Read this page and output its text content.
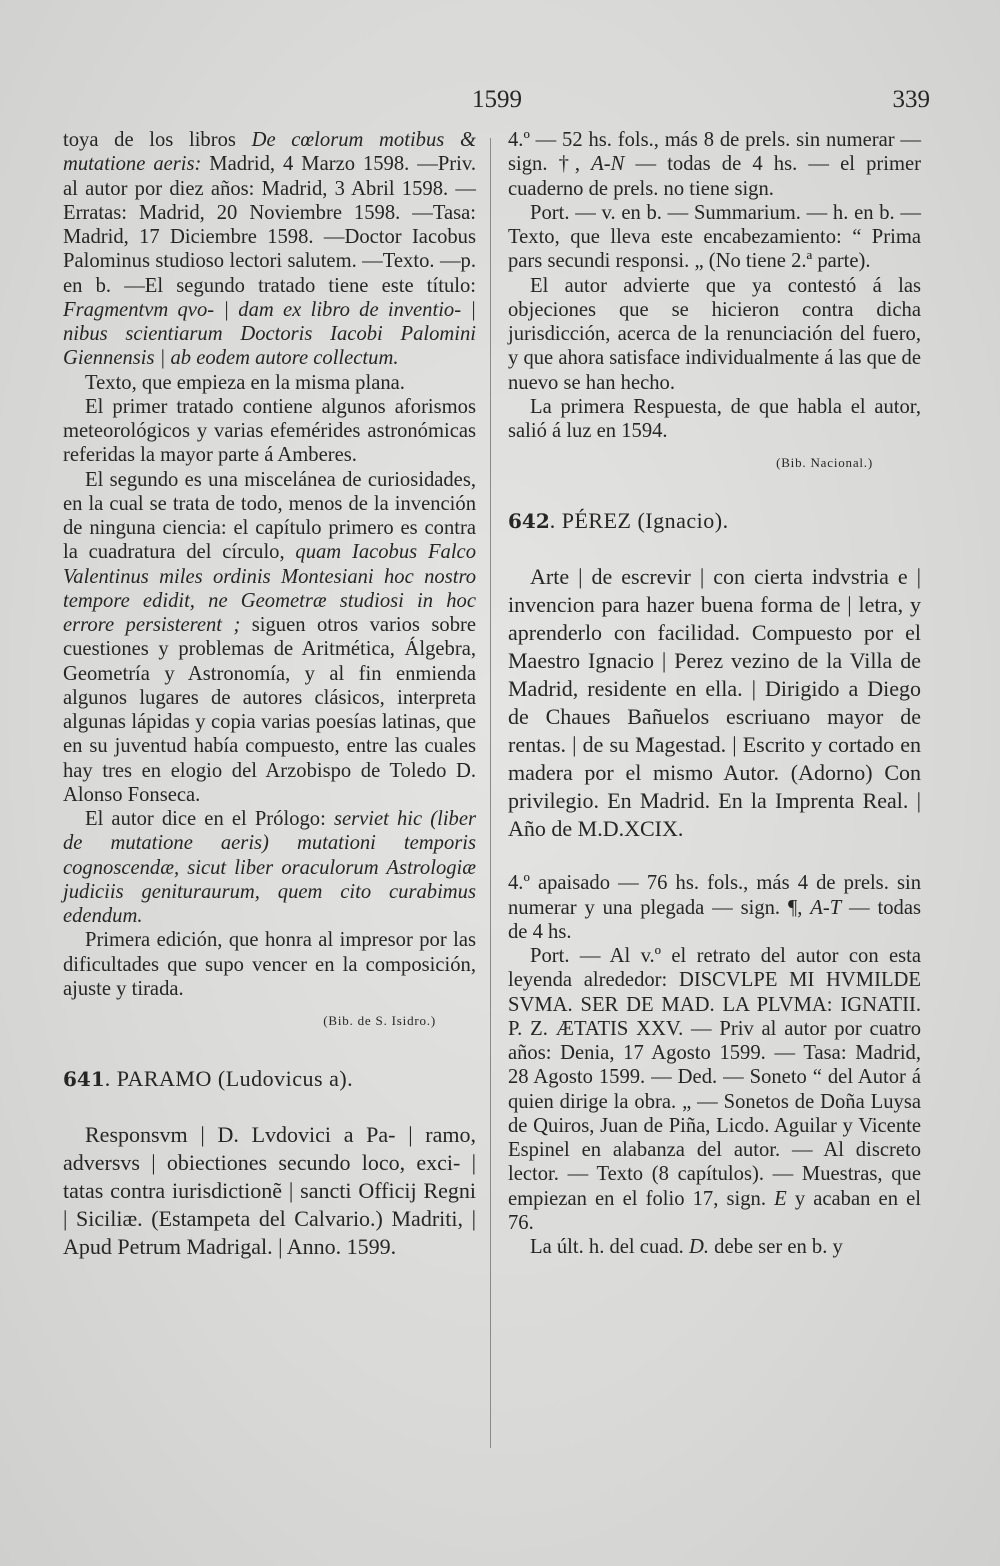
1599	339

toya de los libros De cœlorum motibus & mutatione aeris: Madrid, 4 Marzo 1598. —Priv. al autor por diez años: Madrid, 3 Abril 1598. —Erratas: Madrid, 20 Noviembre 1598. —Tasa: Madrid, 17 Diciembre 1598. —Doctor Iacobus Palominus studioso lectori salutem. —Texto. —p. en b. —El segundo tratado tiene este título: Fragmentvm qvo- | dam ex libro de inventio- | nibus scientiarum Doctoris Iacobi Palomini Giennensis | ab eodem autore collectum.

Texto, que empieza en la misma plana.

El primer tratado contiene algunos aforismos meteorológicos y varias efemérides astronómicas referidas la mayor parte á Amberes.

El segundo es una miscelánea de curiosidades, en la cual se trata de todo, menos de la invención de ninguna ciencia: el capítulo primero es contra la cuadratura del círculo, quam Iacobus Falco Valentinus miles ordinis Montesiani hoc nostro tempore edidit, ne Geometræ studiosi in hoc errore persisterent ; siguen otros varios sobre cuestiones y problemas de Aritmética, Álgebra, Geometría y Astronomía, y al fin enmienda algunos lugares de autores clásicos, interpreta algunas lápidas y copia varias poesías latinas, que en su juventud había compuesto, entre las cuales hay tres en elogio del Arzobispo de Toledo D. Alonso Fonseca.

El autor dice en el Prólogo: serviet hic (liber de mutatione aeris) mutationi temporis cognoscendæ, sicut liber oraculorum Astrologiæ judiciis genituraurum, quem cito curabimus edendum.

Primera edición, que honra al impresor por las dificultades que supo vencer en la composición, ajuste y tirada.

(Bib. de S. Isidro.)

641. PARAMO (Ludovicus a).

Responsvm | D. Lvdovici a Pa- | ramo, adversvs | obiectiones secundo loco, exci- | tatas contra iurisdictionẽ | sancti Officij Regni | Siciliæ. (Estampeta del Calvario.) Madriti, | Apud Petrum Madrigal. | Anno. 1599.

4.º — 52 hs. fols., más 8 de prels. sin numerar — sign. †, A-N — todas de 4 hs. — el primer cuaderno de prels. no tiene sign.

Port. — v. en b. — Summarium. — h. en b. — Texto, que lleva este encabezamiento: “ Prima pars secundi responsi. „ (No tiene 2.ª parte).

El autor advierte que ya contestó á las objeciones que se hicieron contra dicha jurisdicción, acerca de la renunciación del fuero, y que ahora satisface individualmente á las que de nuevo se han hecho.

La primera Respuesta, de que habla el autor, salió á luz en 1594.

(Bib. Nacional.)

642. PÉREZ (Ignacio).

Arte | de escrevir | con cierta indvstria e | invencion para hazer buena forma de | letra, y aprenderlo con facilidad. Compuesto por el Maestro Ignacio | Perez vezino de la Villa de Madrid, residente en ella. | Dirigido a Diego de Chaues Bañuelos escriuano mayor de rentas. | de su Magestad. | Escrito y cortado en madera por el mismo Autor. (Adorno) Con privilegio. En Madrid. En la Imprenta Real. | Año de M.D.XCIX.

4.º apaisado — 76 hs. fols., más 4 de prels. sin numerar y una plegada — sign. ¶, A-T — todas de 4 hs.

Port. — Al v.º el retrato del autor con esta leyenda alrededor: DISCVLPE MI HVMILDE SVMA. SER DE MAD. LA PLVMA: IGNATII. P. Z. ÆTATIS XXV. — Priv al autor por cuatro años: Denia, 17 Agosto 1599. — Tasa: Madrid, 28 Agosto 1599. — Ded. — Soneto “ del Autor á quien dirige la obra. „ — Sonetos de Doña Luysa de Quiros, Juan de Piña, Licdo. Aguilar y Vicente Espinel en alabanza del autor. — Al discreto lector. — Texto (8 capítulos). — Muestras, que empiezan en el folio 17, sign. E y acaban en el 76.

La últ. h. del cuad. D. debe ser en b. y
